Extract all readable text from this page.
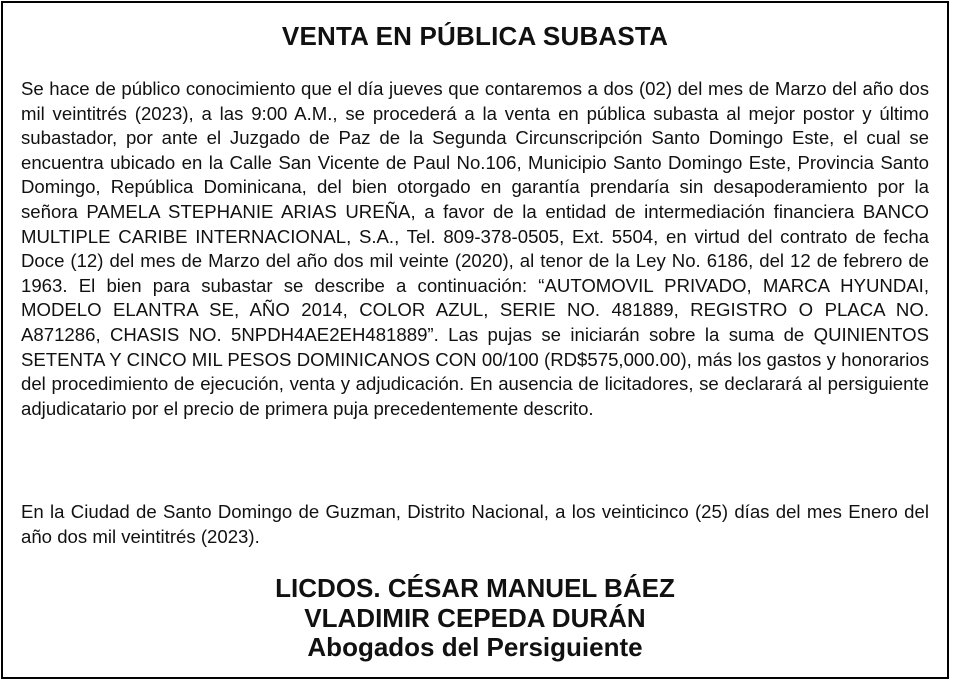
VENTA EN PÚBLICA SUBASTA

Se hace de público conocimiento que el día jueves que contaremos a dos (02) del mes de Marzo del año dos mil veintitrés (2023), a las 9:00 A.M., se procederá a la venta en pública subasta al mejor postor y último subastador, por ante el Juzgado de Paz de la Segunda Circunscripción Santo Domingo Este, el cual se encuentra ubicado en la Calle San Vicente de Paul No.106, Municipio Santo Domingo Este, Provincia Santo Domingo, República Dominicana, del bien otorgado en garantía prendaría sin desapoderamiento por la señora PAMELA STEPHANIE ARIAS UREÑA, a favor de la entidad de intermediación financiera BANCO MULTIPLE CARIBE INTERNACIONAL, S.A., Tel. 809-378-0505, Ext. 5504, en virtud del contrato de fecha Doce (12) del mes de Marzo del año dos mil veinte (2020), al tenor de la Ley No. 6186, del 12 de febrero de 1963. El bien para subastar se describe a continuación: “AUTOMOVIL PRIVADO, MARCA HYUNDAI, MODELO ELANTRA SE, AÑO 2014, COLOR AZUL, SERIE NO. 481889, REGISTRO O PLACA NO. A871286, CHASIS NO. 5NPDH4AE2EH481889”. Las pujas se iniciarán sobre la suma de QUINIENTOS SETENTA Y CINCO MIL PESOS DOMINICANOS CON 00/100 (RD$575,000.00), más los gastos y honorarios del procedimiento de ejecución, venta y adjudicación. En ausencia de licitadores, se declarará al persiguiente adjudicatario por el precio de primera puja precedentemente descrito.

En la Ciudad de Santo Domingo de Guzman, Distrito Nacional, a los veinticinco (25) días del mes Enero del año dos mil veintitrés (2023).

LICDOS. CÉSAR MANUEL BÁEZ
VLADIMIR CEPEDA DURÁN
Abogados del Persiguiente
